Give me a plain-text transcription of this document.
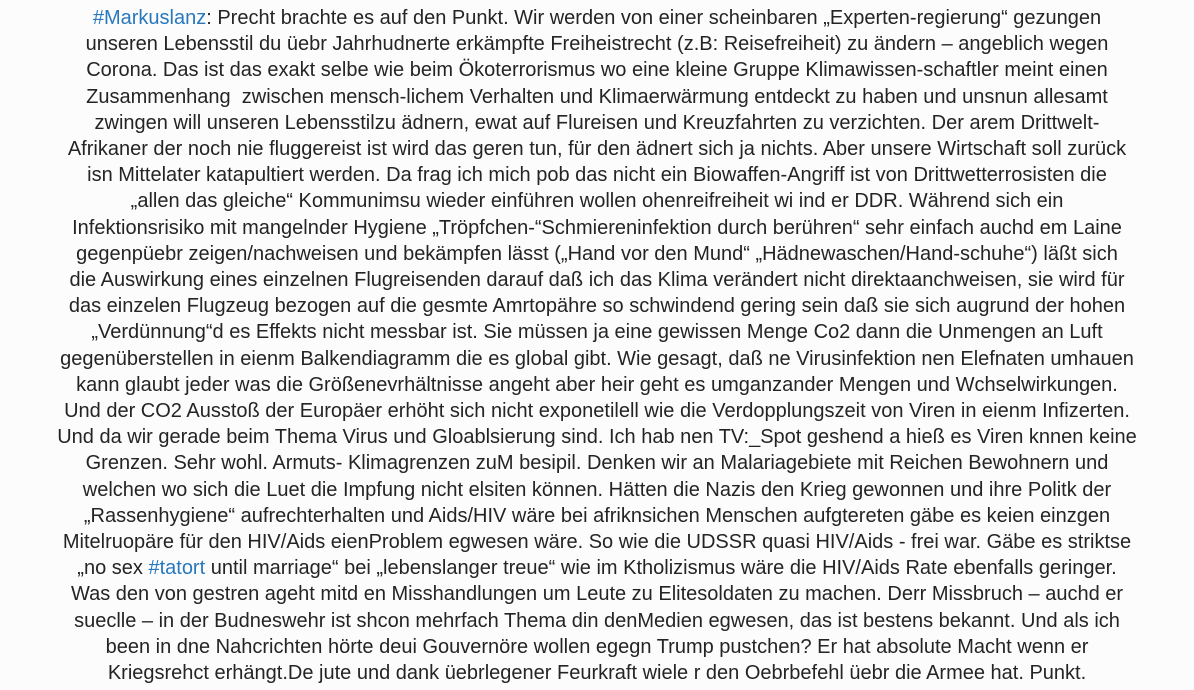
#Markuslanz: Precht brachte es auf den Punkt. Wir werden von einer scheinbaren „Experten-regierung“ gezungen
unseren Lebensstil du üebr Jahrhudnerte erkämpfte Freiheistrecht (z.B: Reisefreiheit) zu ändern – angeblich wegen
Corona. Das ist das exakt selbe wie beim Ökoterrorismus wo eine kleine Gruppe Klimawissen-schaftler meint einen
Zusammenhang  zwischen mensch-lichem Verhalten und Klimaerwärmung entdeckt zu haben und unsnun allesamt
zwingen will unseren Lebensstilzu ädnern, ewat auf Flureisen und Kreuzfahrten zu verzichten. Der arem Drittwelt-
Afrikaner der noch nie fluggereist ist wird das geren tun, für den ädnert sich ja nichts. Aber unsere Wirtschaft soll zurück
isn Mittelater katapultiert werden. Da frag ich mich pob das nicht ein Biowaffen-Angriff ist von Drittwetterrosisten die
„allen das gleiche“ Kommunimsu wieder einführen wollen ohenreifreiheit wi ind er DDR. Während sich ein
Infektionsrisiko mit mangelnder Hygiene „Tröpfchen-“Schmiereninfektion durch berühren“ sehr einfach auchd em Laine
gegenpüebr zeigen/nachweisen und bekämpfen lässt („Hand vor den Mund“ „Hädnewaschen/Hand-schuhe“) läßt sich
die Auswirkung eines einzelnen Flugreisenden darauf daß ich das Klima verändert nicht direktaanchweisen, sie wird für
das einzelen Flugzeug bezogen auf die gesmte Amrtopähre so schwindend gering sein daß sie sich augrund der hohen
„Verdünnung“d es Effekts nicht messbar ist. Sie müssen ja eine gewissen Menge Co2 dann die Unmengen an Luft
gegenüberstellen in eienm Balkendiagramm die es global gibt. Wie gesagt, daß ne Virusinfektion nen Elefnaten umhauen
kann glaubt jeder was die Größenevrhältnisse angeht aber heir geht es umganzander Mengen und Wchselwirkungen.
Und der CO2 Ausstoß der Europäer erhöht sich nicht exponetilell wie die Verdopplungszeit von Viren in eienm Infizerten.
Und da wir gerade beim Thema Virus und Gloablsierung sind. Ich hab nen TV:_Spot geshend a hieß es Viren knnen keine
Grenzen. Sehr wohl. Armuts- Klimagrenzen zuM besipil. Denken wir an Malariagebiete mit Reichen Bewohnern und
welchen wo sich die Luet die Impfung nicht elsiten können. Hätten die Nazis den Krieg gewonnen und ihre Politk der
„Rassenhygiene“ aufrechterhalten und Aids/HIV wäre bei afriknsichen Menschen aufgtereten gäbe es keien einzgen
Mitelruopäre für den HIV/Aids eienProblem egwesen wäre. So wie die UDSSR quasi HIV/Aids - frei war. Gäbe es striktse
„no sex #tatort until marriage“ bei „lebenslanger treue“ wie im Ktholizismus wäre die HIV/Aids Rate ebenfalls geringer.
Was den von gestren ageht mitd en Misshandlungen um Leute zu Elitesoldaten zu machen. Derr Missbruch – auchd er
sueclle – in der Budneswehr ist shcon mehrfach Thema din denMedien egwesen, das ist bestens bekannt. Und als ich
been in dne Nahcrichten hörte deui Gouvernöre wollen egegn Trump pustchen? Er hat absolute Macht wenn er
Kriegsrehct erhängt.De jute und dank üebrlegener Feurkraft wiele r den Oebrbefehl üebr die Armee hat. Punkt.
